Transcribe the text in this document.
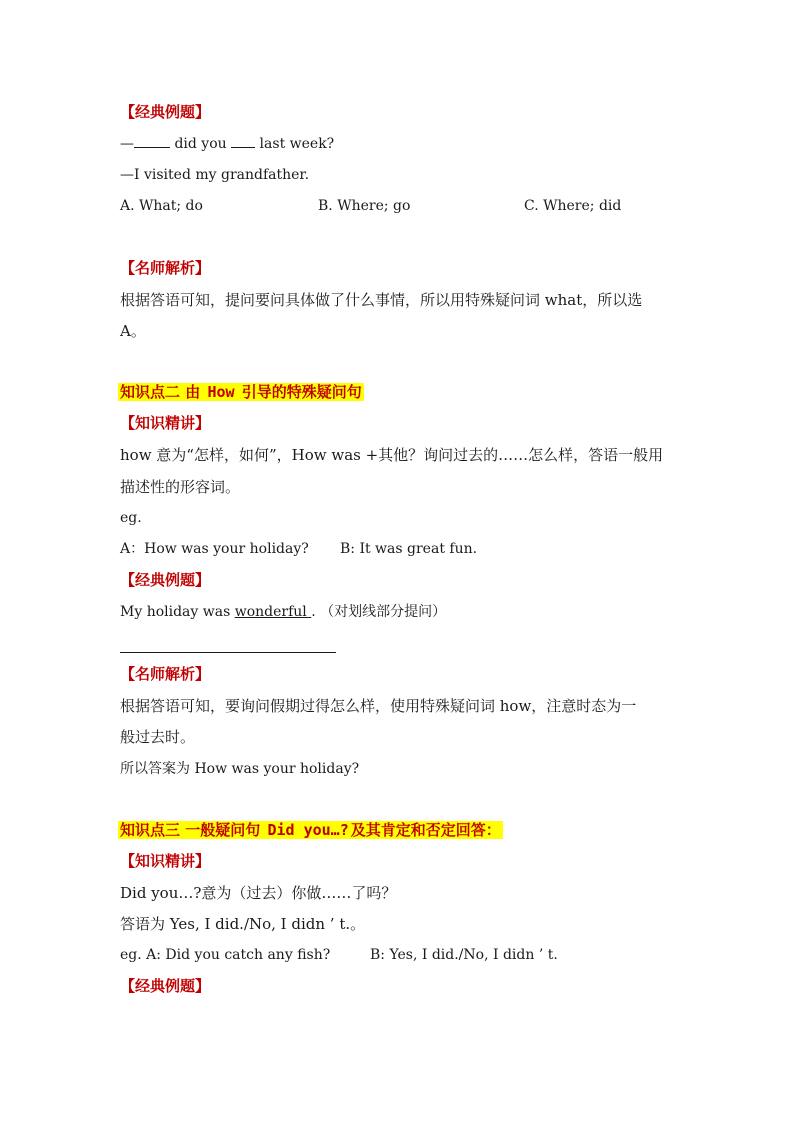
【经典例题】
—	did you  last week?
—I visited my grandfather.
A. What; do	B. Where; go	C. Where; did
【名师解析】
根据答语可知，提问要问具体做了什么事情，所以用特殊疑问词 what，所以选
A。
知识点二 由 How 引导的特殊疑问句
【知识精讲】
how 意为“怎样，如何”，How was +其他？询问过去的……怎么样，答语一般用
描述性的形容词。
eg.
A：How was your holiday? B: It was great fun.
【经典例题】
My holiday was wonderful . （对划线部分提问）
【名师解析】
根据答语可知，要询问假期过得怎么样，使用特殊疑问词 how，注意时态为一
般过去时。
所以答案为 How was your holiday?
知识点三 一般疑问句 Did you…? 及其肯定和否定回答：
【知识精讲】
Did you…?意为（过去）你做……了吗？
答语为 Yes, I did./No, I didn ’ t.。
eg. A: Did you catch any fish?	B: Yes, I did./No, I didn ’ t.
【经典例题】
